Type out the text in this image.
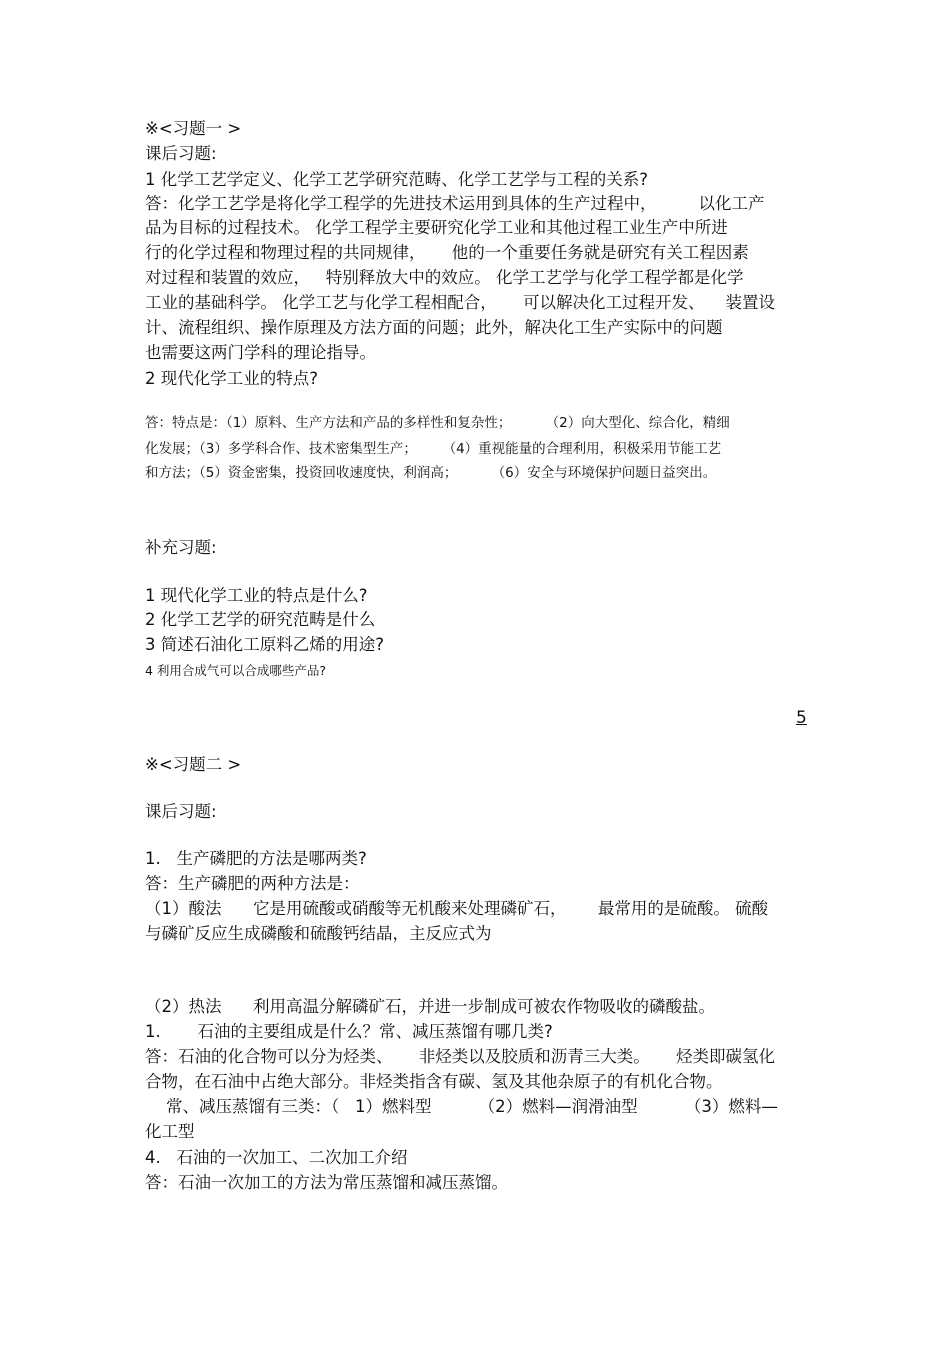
※<习题一 >
课后习题:
1 化学工艺学定义、化学工艺学研究范畴、化学工艺学与工程的关系?
答：化学工艺学是将化学工程学的先进技术运用到具体的生产过程中，        以化工产
品为目标的过程技术。 化学工程学主要研究化学工业和其他过程工业生产中所进
行的化学过程和物理过程的共同规律，     他的一个重要任务就是研究有关工程因素
对过程和装置的效应，   特别释放大中的效应。 化学工艺学与化学工程学都是化学
工业的基础科学。 化学工艺与化学工程相配合，     可以解决化工过程开发、    装置设
计、流程组织、操作原理及方法方面的问题；此外，解决化工生产实际中的问题
也需要这两门学科的理论指导。
2 现代化学工业的特点?
答：特点是：（1）原料、生产方法和产品的多样性和复杂性；        （2）向大型化、综合化，精细
化发展；（3）多学科合作、技术密集型生产；      （4）重视能量的合理利用，积极采用节能工艺
和方法；（5）资金密集，投资回收速度快，利润高；        （6）安全与环境保护问题日益突出。
补充习题:
1 现代化学工业的特点是什么?
2 化学工艺学的研究范畴是什么
3 简述石油化工原料乙烯的用途?
4 利用合成气可以合成哪些产品?
5
※<习题二 >
课后习题:
1.   生产磷肥的方法是哪两类?
答：生产磷肥的两种方法是：
（1）酸法      它是用硫酸或硝酸等无机酸来处理磷矿石，      最常用的是硫酸。 硫酸
与磷矿反应生成磷酸和硫酸钙结晶，主反应式为
（2）热法      利用高温分解磷矿石，并进一步制成可被农作物吸收的磷酸盐。
1.       石油的主要组成是什么？常、减压蒸馏有哪几类?
答：石油的化合物可以分为烃类、     非烃类以及胶质和沥青三大类。     烃类即碳氢化
合物，在石油中占绝大部分。非烃类指含有碳、氢及其他杂原子的有机化合物。
常、减压蒸馏有三类：（   1）燃料型         （2）燃料—润滑油型         （3）燃料—
化工型
4.   石油的一次加工、二次加工介绍
答：石油一次加工的方法为常压蒸馏和减压蒸馏。
